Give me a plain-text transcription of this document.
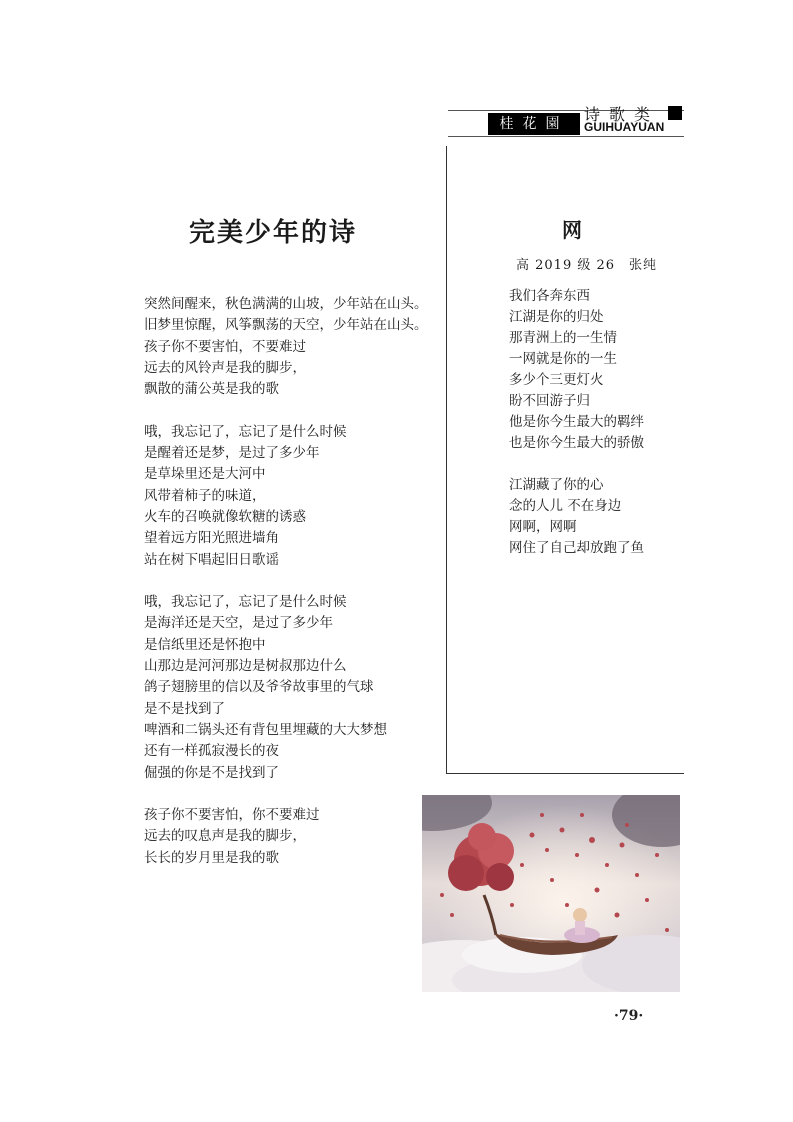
诗歌类
桂花園	GUIHUAYUAN
完美少年的诗
突然间醒来，秋色满满的山坡，少年站在山头。
旧梦里惊醒，风筝飘荡的天空，少年站在山头。
孩子你不要害怕，不要难过
远去的风铃声是我的脚步，
飘散的蒲公英是我的歌
哦，我忘记了，忘记了是什么时候
是醒着还是梦，是过了多少年
是草垛里还是大河中
风带着柿子的味道，
火车的召唤就像软糖的诱惑
望着远方阳光照进墙角
站在树下唱起旧日歌谣
哦，我忘记了，忘记了是什么时候
是海洋还是天空，是过了多少年
是信纸里还是怀抱中
山那边是河河那边是树叔那边什么
鸽子翅膀里的信以及爷爷故事里的气球
是不是找到了
啤酒和二锅头还有背包里埋藏的大大梦想
还有一样孤寂漫长的夜
倔强的你是不是找到了
孩子你不要害怕，你不要难过
远去的叹息声是我的脚步，
长长的岁月里是我的歌
网
高 2019 级 26　张纯
我们各奔东西
江湖是你的归处
那青洲上的一生情
一网就是你的一生
多少个三更灯火
盼不回游子归
他是你今生最大的羁绊
也是你今生最大的骄傲
江湖藏了你的心
念的人儿 不在身边
网啊，网啊
网住了自己却放跑了鱼
·79·
